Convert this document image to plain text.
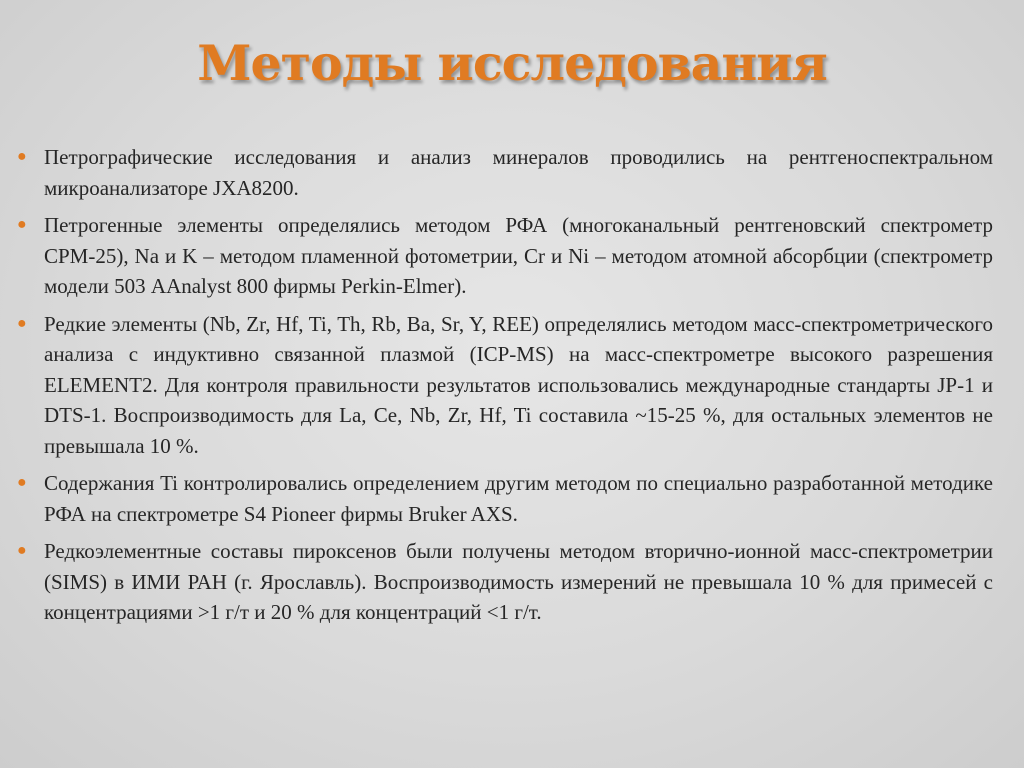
Методы исследования
● Петрографические исследования и анализ минералов проводились на рентгеноспектральном микроанализаторе JXA8200.
● Петрогенные элементы определялись методом РФА (многоканальный рентгеновский спектрометр СРМ-25), Na и K – методом пламенной фотометрии, Cr и Ni – методом атомной абсорбции (спектрометр модели 503 AAnalyst 800 фирмы Perkin-Elmer).
● Редкие элементы (Nb, Zr, Hf, Ti, Th, Rb, Ba, Sr, Y, REE) определялись методом масс-спектрометрического анализа с индуктивно связанной плазмой (ICP-MS) на масс-спектрометре высокого разрешения ELEMENT2. Для контроля правильности результатов использовались международные стандарты JP-1 и DTS-1. Воспроизводимость для La, Ce, Nb, Zr, Hf, Ti составила ~15-25 %, для остальных элементов не превышала 10 %.
● Содержания Ti контролировались определением другим методом по специально разработанной методике РФА на спектрометре S4 Pioneer фирмы Bruker AXS.
● Редкоэлементные составы пироксенов были получены методом вторично-ионной масс-спектрометрии (SIMS) в ИМИ РАН (г. Ярославль). Воспроизводимость измерений не превышала 10 % для примесей с концентрациями >1 г/т и 20 % для концентраций <1 г/т.
